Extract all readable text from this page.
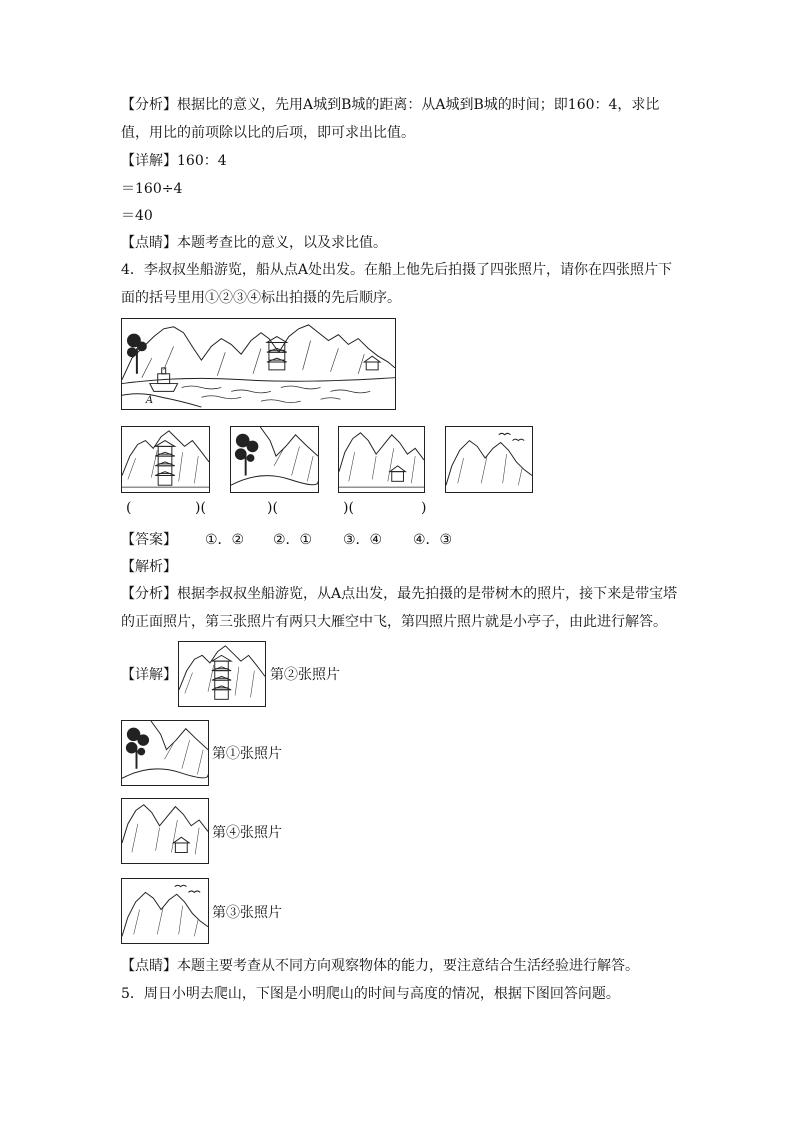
【分析】根据比的意义，先用A城到B城的距离：从A城到B城的时间；即160：4，求比
值，用比的前项除以比的后项，即可求出比值。
【详解】160：4
＝160÷4
＝40
【点睛】本题考查比的意义，以及求比值。
4．李叔叔坐船游览，船从点A处出发。在船上他先后拍摄了四张照片，请你在四张照片下
面的括号里用①②③④标出拍摄的先后顺序。
A
(	)(	)(	)(	)
【答案】 ①．② ②．① ③．④ ④．③
【解析】
【分析】根据李叔叔坐船游览，从A点出发，最先拍摄的是带树木的照片，接下来是带宝塔
的正面照片，第三张照片有两只大雁空中飞，第四照片照片就是小亭子，由此进行解答。
【详解】	第②张照片
第①张照片
第④张照片
第③张照片
【点睛】本题主要考查从不同方向观察物体的能力，要注意结合生活经验进行解答。
5．周日小明去爬山，下图是小明爬山的时间与高度的情况，根据下图回答问题。
